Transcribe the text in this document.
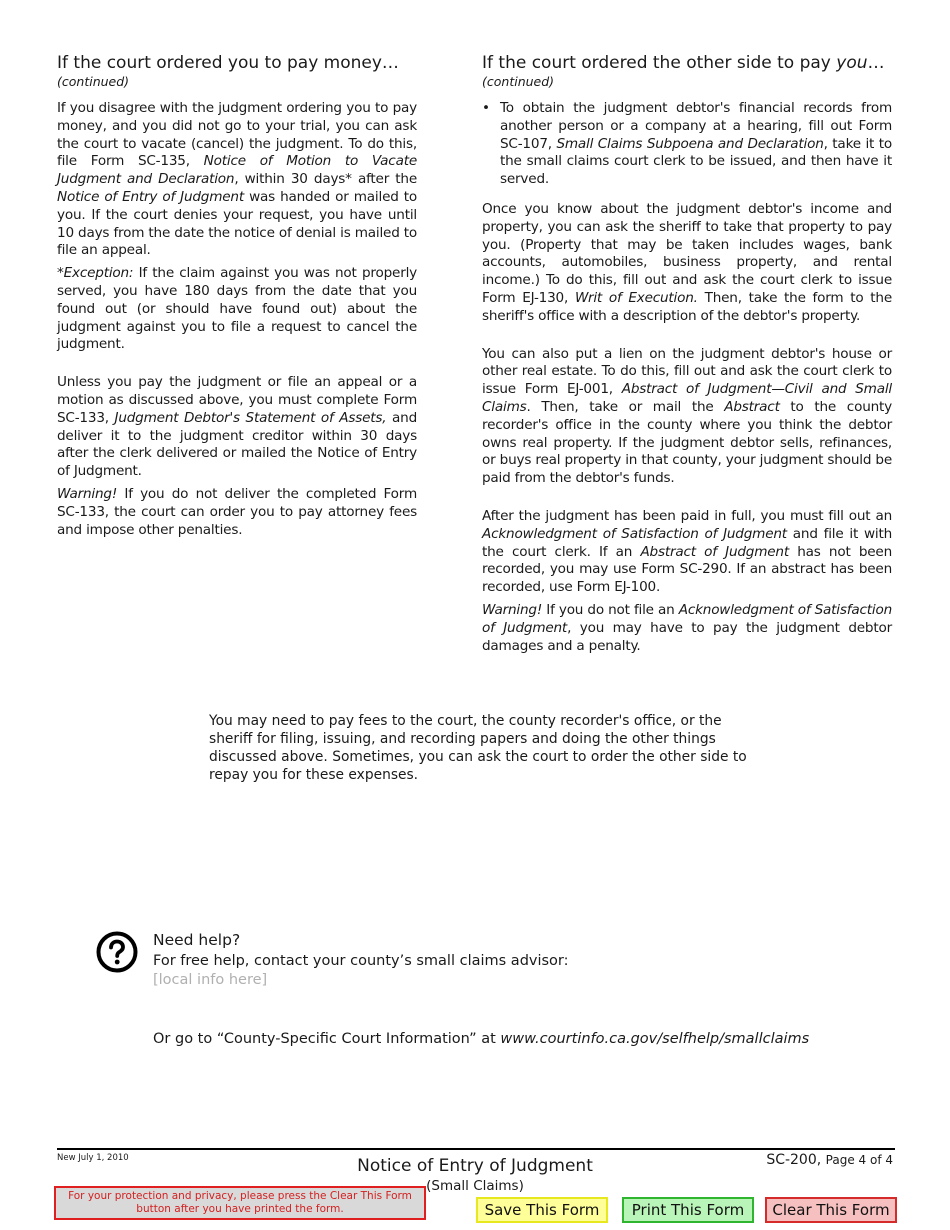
If the court ordered you to pay money…

(continued)

If you disagree with the judgment ordering you to pay money, and you did not go to your trial, you can ask the court to vacate (cancel) the judgment. To do this, file Form SC-135, Notice of Motion to Vacate Judgment and Declaration, within 30 days* after the Notice of Entry of Judgment was handed or mailed to you. If the court denies your request, you have until 10 days from the date the notice of denial is mailed to file an appeal.

*Exception: If the claim against you was not properly served, you have 180 days from the date that you found out (or should have found out) about the judgment against you to file a request to cancel the judgment.

Unless you pay the judgment or file an appeal or a motion as discussed above, you must complete Form SC-133, Judgment Debtor's Statement of Assets, and deliver it to the judgment creditor within 30 days after the clerk delivered or mailed the Notice of Entry of Judgment.

Warning! If you do not deliver the completed Form SC-133, the court can order you to pay attorney fees and impose other penalties.

If the court ordered the other side to pay you…

(continued)

• To obtain the judgment debtor's financial records from another person or a company at a hearing, fill out Form SC-107, Small Claims Subpoena and Declaration, take it to the small claims court clerk to be issued, and then have it served.

Once you know about the judgment debtor's income and property, you can ask the sheriff to take that property to pay you. (Property that may be taken includes wages, bank accounts, automobiles, business property, and rental income.) To do this, fill out and ask the court clerk to issue Form EJ-130, Writ of Execution. Then, take the form to the sheriff's office with a description of the debtor's property.

You can also put a lien on the judgment debtor's house or other real estate. To do this, fill out and ask the court clerk to issue Form EJ-001, Abstract of Judgment—Civil and Small Claims. Then, take or mail the Abstract to the county recorder's office in the county where you think the debtor owns real property. If the judgment debtor sells, refinances, or buys real property in that county, your judgment should be paid from the debtor's funds.

After the judgment has been paid in full, you must fill out an Acknowledgment of Satisfaction of Judgment and file it with the court clerk. If an Abstract of Judgment has not been recorded, you may use Form SC-290. If an abstract has been recorded, use Form EJ-100.

Warning! If you do not file an Acknowledgment of Satisfaction of Judgment, you may have to pay the judgment debtor damages and a penalty.

You may need to pay fees to the court, the county recorder's office, or the sheriff for filing, issuing, and recording papers and doing the other things discussed above. Sometimes, you can ask the court to order the other side to repay you for these expenses.

Need help?
For free help, contact your county’s small claims advisor:
[local info here]
Or go to “County-Specific Court Information” at www.courtinfo.ca.gov/selfhelp/smallclaims
New July 1, 2010	Notice of Entry of Judgment
(Small Claims)
SC-200, Page 4 of 4
For your protection and privacy, please press the Clear This Form button after you have printed the form.	Save This Form	Print This Form	Clear This Form
